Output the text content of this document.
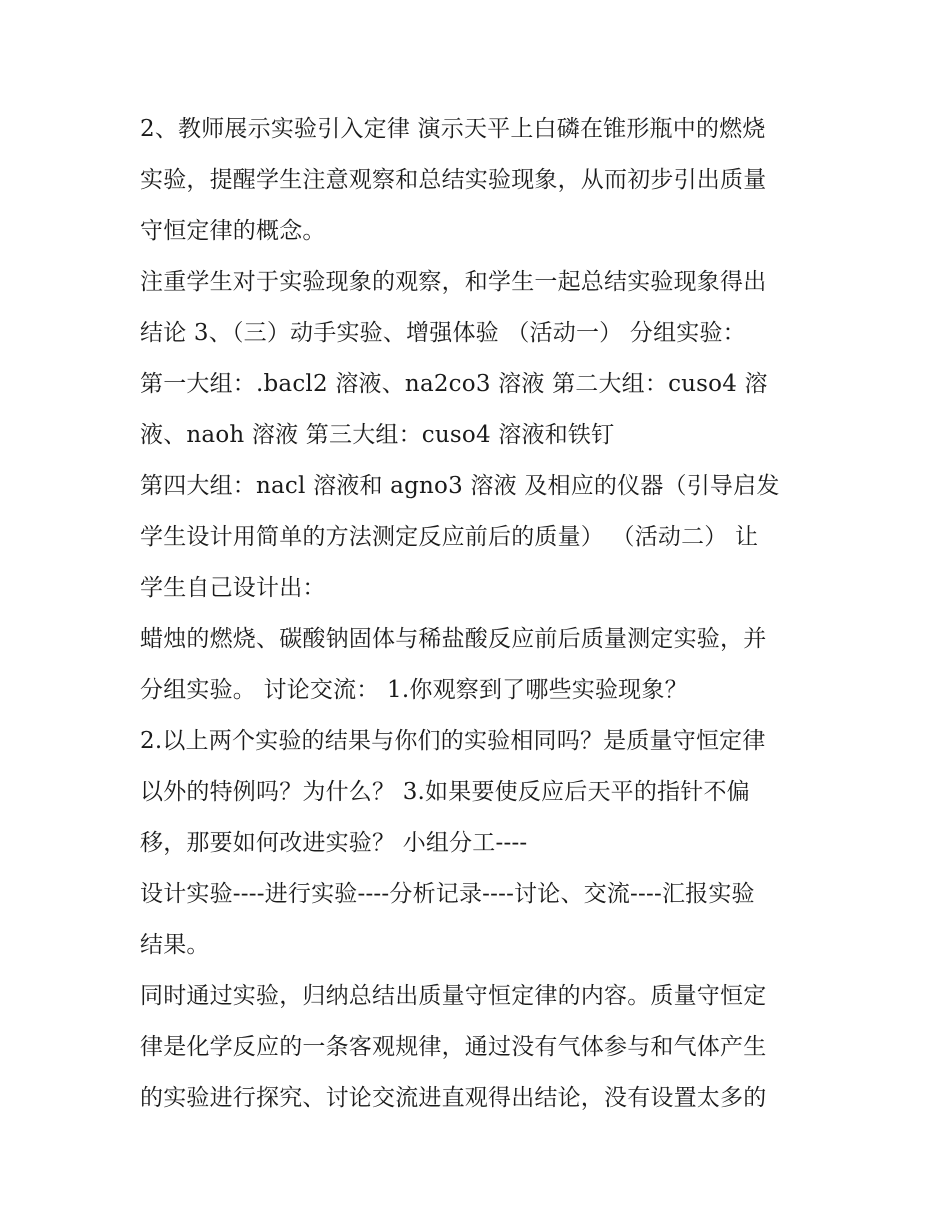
2、教师展示实验引入定律 演示天平上白磷在锥形瓶中的燃烧
实验，提醒学生注意观察和总结实验现象，从而初步引出质量
守恒定律的概念。
注重学生对于实验现象的观察，和学生一起总结实验现象得出
结论 3、（三）动手实验、增强体验 （活动一） 分组实验：
第一大组：.bacl2 溶液、na2co3 溶液 第二大组：cuso4 溶
液、naoh 溶液 第三大组：cuso4 溶液和铁钉
第四大组：nacl 溶液和 agno3 溶液 及相应的仪器（引导启发
学生设计用简单的方法测定反应前后的质量） （活动二） 让
学生自己设计出：
蜡烛的燃烧、碳酸钠固体与稀盐酸反应前后质量测定实验，并
分组实验。 讨论交流： 1.你观察到了哪些实验现象？
2.以上两个实验的结果与你们的实验相同吗？是质量守恒定律
以外的特例吗？为什么？ 3.如果要使反应后天平的指针不偏
移，那要如何改进实验？ 小组分工----
设计实验----进行实验----分析记录----讨论、交流----汇报实验
结果。
同时通过实验，归纳总结出质量守恒定律的内容。质量守恒定
律是化学反应的一条客观规律，通过没有气体参与和气体产生
的实验进行探究、讨论交流进直观得出结论，没有设置太多的
